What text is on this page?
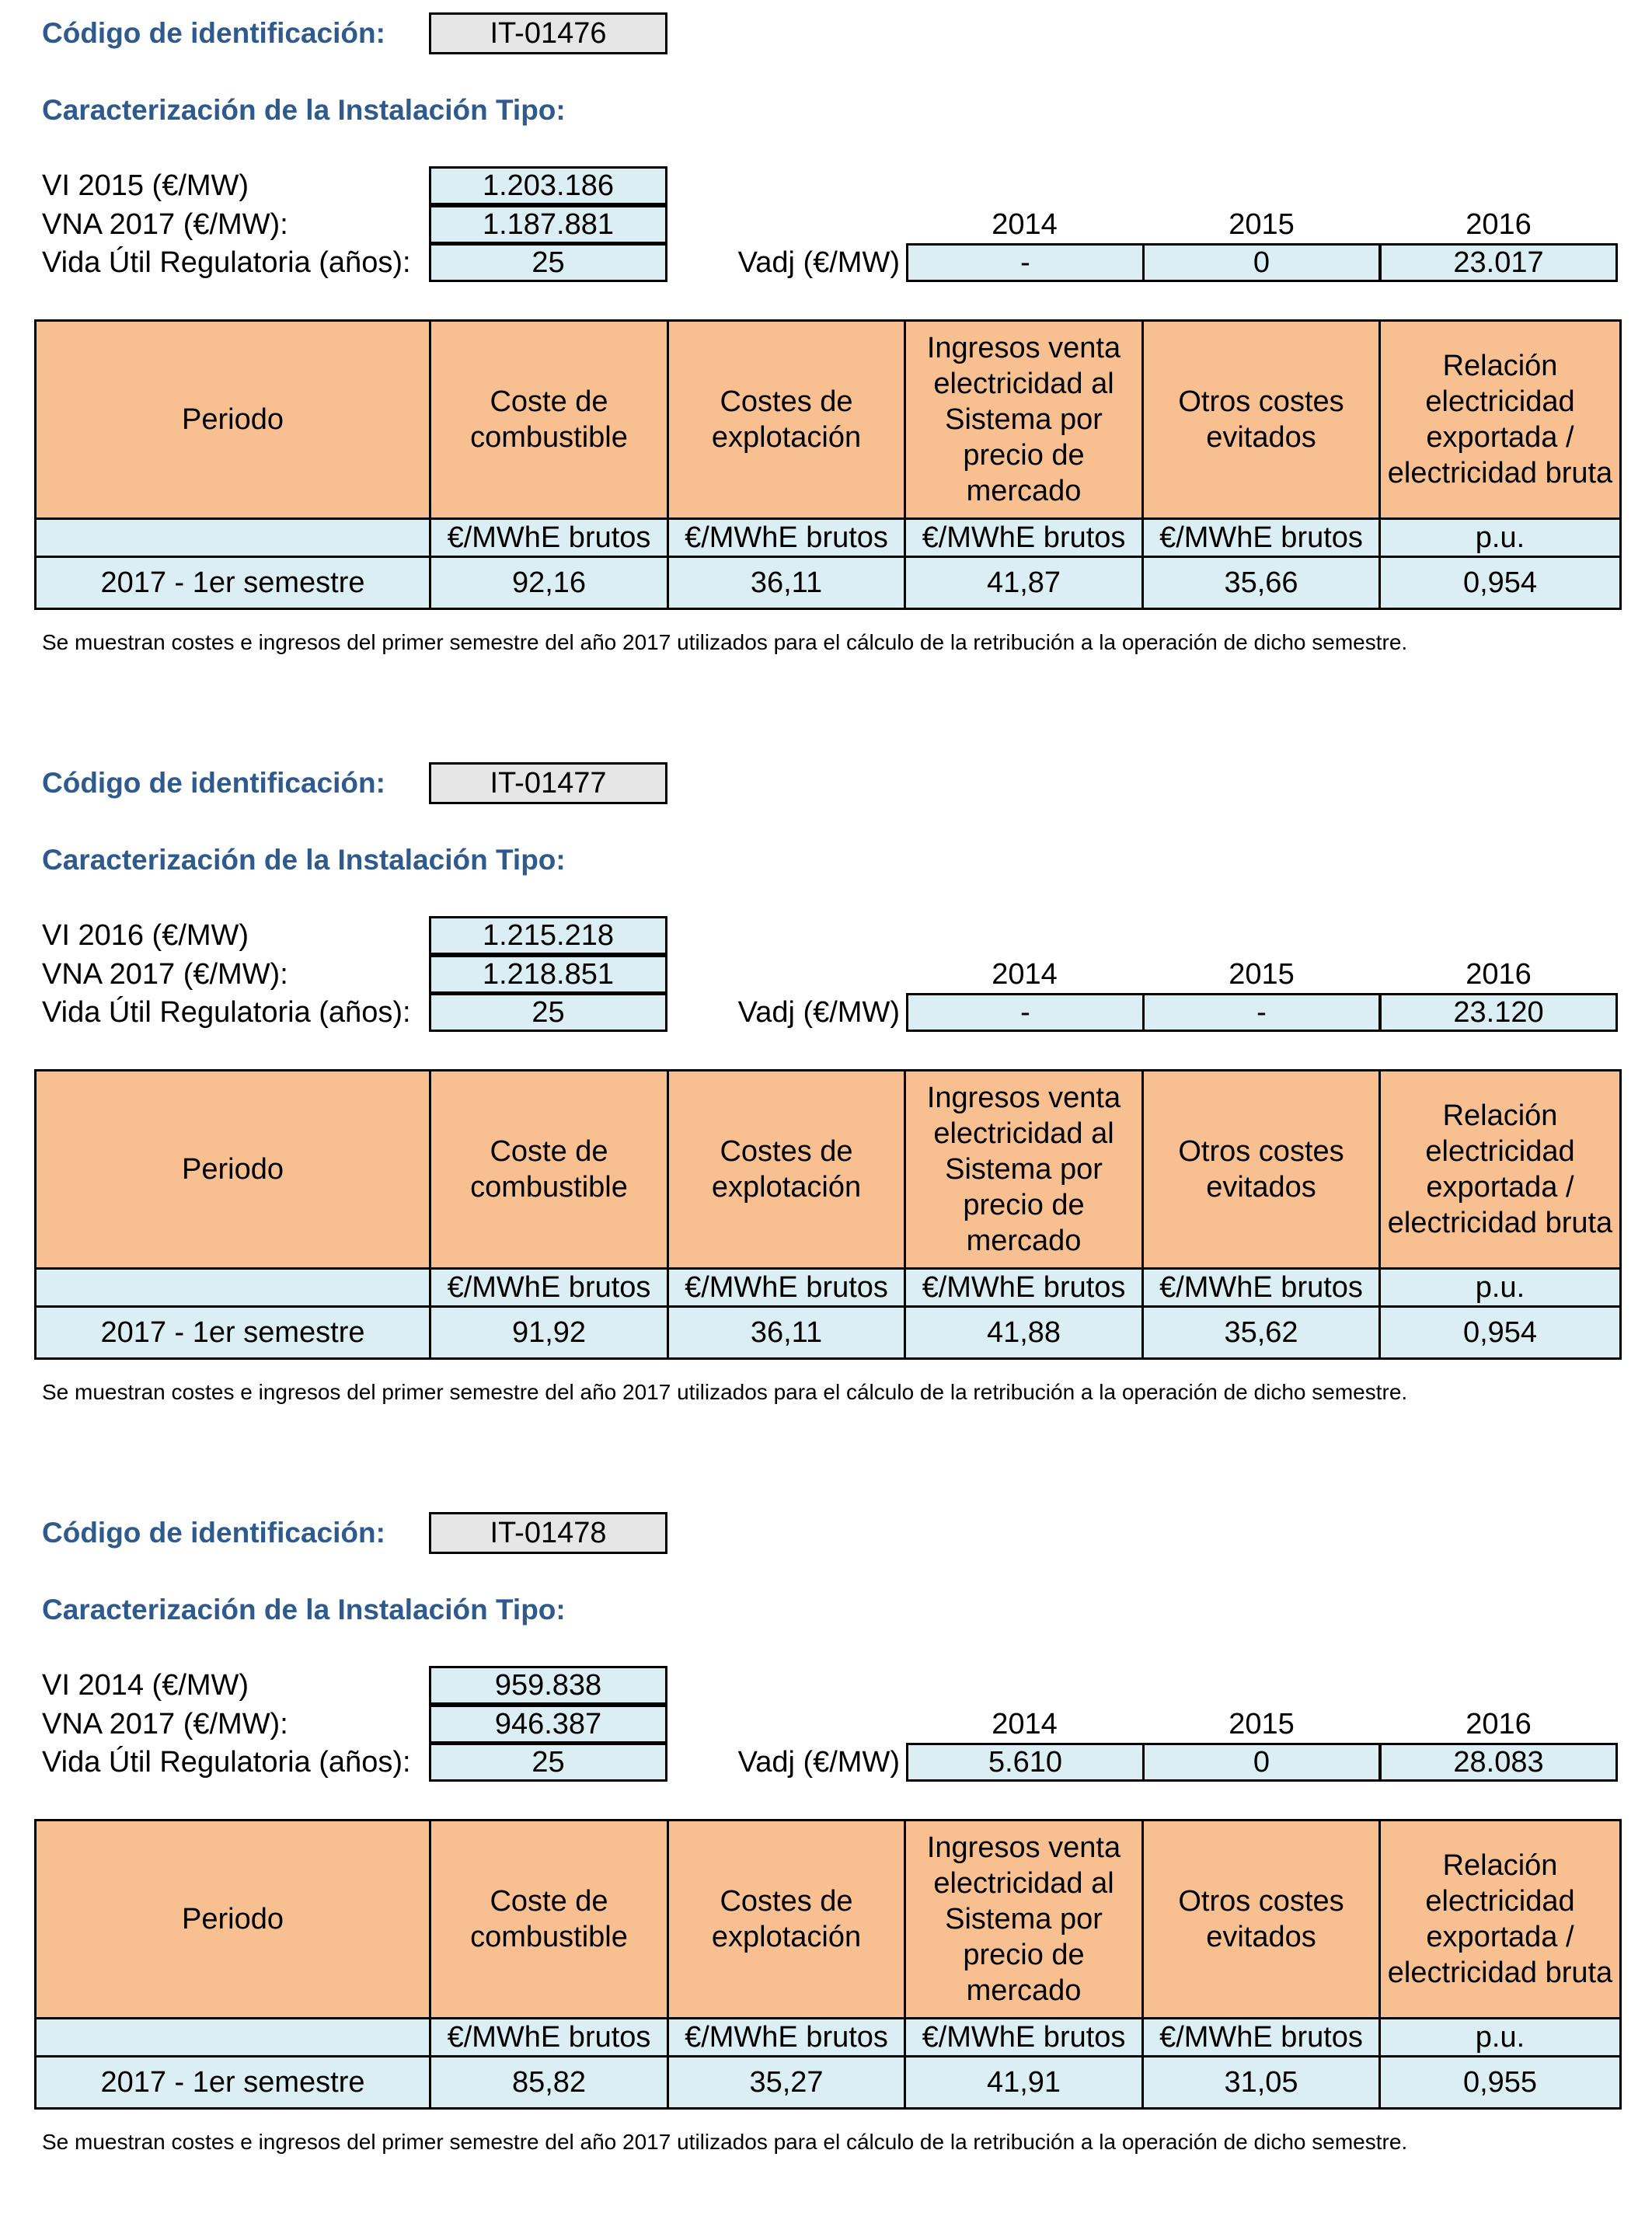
Código de identificación:	IT-01476
Caracterización de la Instalación Tipo:
VI 2015 (€/MW)	1.203.186
VNA 2017 (€/MW):	1.187.881
Vida Útil Regulatoria (años):	25
2014	2015	2016
Vadj (€/MW)	-	0	23.017
Periodo	Coste de combustible	Costes de explotación	Ingresos venta electricidad al Sistema por precio de mercado	Otros costes evitados	Relación electricidad exportada / electricidad bruta
	€/MWhE brutos	€/MWhE brutos	€/MWhE brutos	€/MWhE brutos	p.u.
2017 - 1er semestre	92,16	36,11	41,87	35,66	0,954
Se muestran costes e ingresos del primer semestre del año 2017 utilizados para el cálculo de la retribución a la operación de dicho semestre.
Código de identificación:	IT-01477
Caracterización de la Instalación Tipo:
VI 2016 (€/MW)	1.215.218
VNA 2017 (€/MW):	1.218.851
Vida Útil Regulatoria (años):	25
2014	2015	2016
Vadj (€/MW)	-	-	23.120
Periodo	Coste de combustible	Costes de explotación	Ingresos venta electricidad al Sistema por precio de mercado	Otros costes evitados	Relación electricidad exportada / electricidad bruta
	€/MWhE brutos	€/MWhE brutos	€/MWhE brutos	€/MWhE brutos	p.u.
2017 - 1er semestre	91,92	36,11	41,88	35,62	0,954
Se muestran costes e ingresos del primer semestre del año 2017 utilizados para el cálculo de la retribución a la operación de dicho semestre.
Código de identificación:	IT-01478
Caracterización de la Instalación Tipo:
VI 2014 (€/MW)	959.838
VNA 2017 (€/MW):	946.387
Vida Útil Regulatoria (años):	25
2014	2015	2016
Vadj (€/MW)	5.610	0	28.083
Periodo	Coste de combustible	Costes de explotación	Ingresos venta electricidad al Sistema por precio de mercado	Otros costes evitados	Relación electricidad exportada / electricidad bruta
	€/MWhE brutos	€/MWhE brutos	€/MWhE brutos	€/MWhE brutos	p.u.
2017 - 1er semestre	85,82	35,27	41,91	31,05	0,955
Se muestran costes e ingresos del primer semestre del año 2017 utilizados para el cálculo de la retribución a la operación de dicho semestre.
